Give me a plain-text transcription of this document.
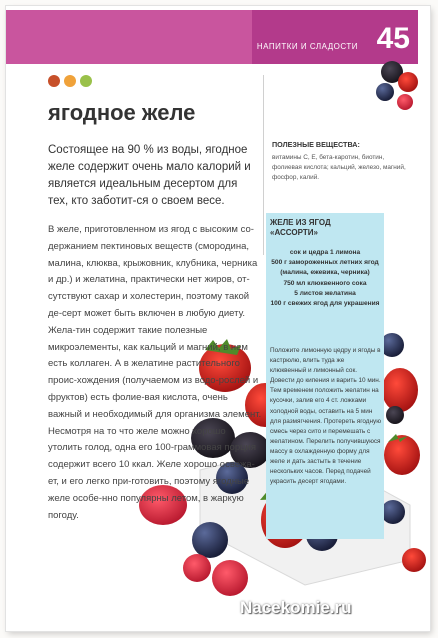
НАПИТКИ И СЛАДОСТИ 45
ягодное желе

Состоящее на 90 % из воды, ягодное желе содержит очень мало калорий и является идеальным десертом для тех, кто заботит-ся о своем весе.

ПОЛЕЗНЫЕ ВЕЩЕСТВА:

витамины С, Е, бета-каротин, биотин, фолиевая кислота; кальций, железо, магний, фосфор, калий.

В желе, приготовленном из ягод с высоким со-держанием пектиновых веществ (смородина, малина, клюква, крыжовник, клубника, черника и др.) и желатина, практически нет жиров, от-сутствуют сахар и холестерин, поэтому такой де-серт может быть включен в любую диету. Жела-тин содержит такие полезные микроэлементы, как кальций и магний, в нем есть коллаген. А в желатине растительного проис-хождения (получаемом из водо-рослей и фруктов) есть фолие-вая кислота, очень важный и необходимый для организма элемент. Несмотря на то что желе можно хорошо утолить голод, одна его 100-граммовая порция содержит всего 10 ккал. Желе хорошо освежа-ет, и его легко при-готовить, поэтому ягодные желе особе-нно популярны летом, в жаркую погоду.

ЖЕЛЕ ИЗ ЯГОД «АССОРТИ»
сок и цедра 1 лимона
500 г замороженных летних ягод (малина, ежевика, черника)
750 мл клюквенного сока
5 листов желатина
100 г свежих ягод для украшения

Положите лимонную цедру и ягоды в кастрюлю, влить туда же клюквенный и лимонный сок. Довести до кипения и варить 10 мин. Тем временем положить желатин на кусочки, залив его 4 ст. ложками холодной воды, оставить на 5 мин для размягчения. Протереть ягодную смесь через сито и перемешать с желатином. Перелить получившуюся массу в охлажденную форму для желе и дать застыть в течение нескольких часов. Перед подачей украсить десерт ягодами.

Nacekomie.ru
